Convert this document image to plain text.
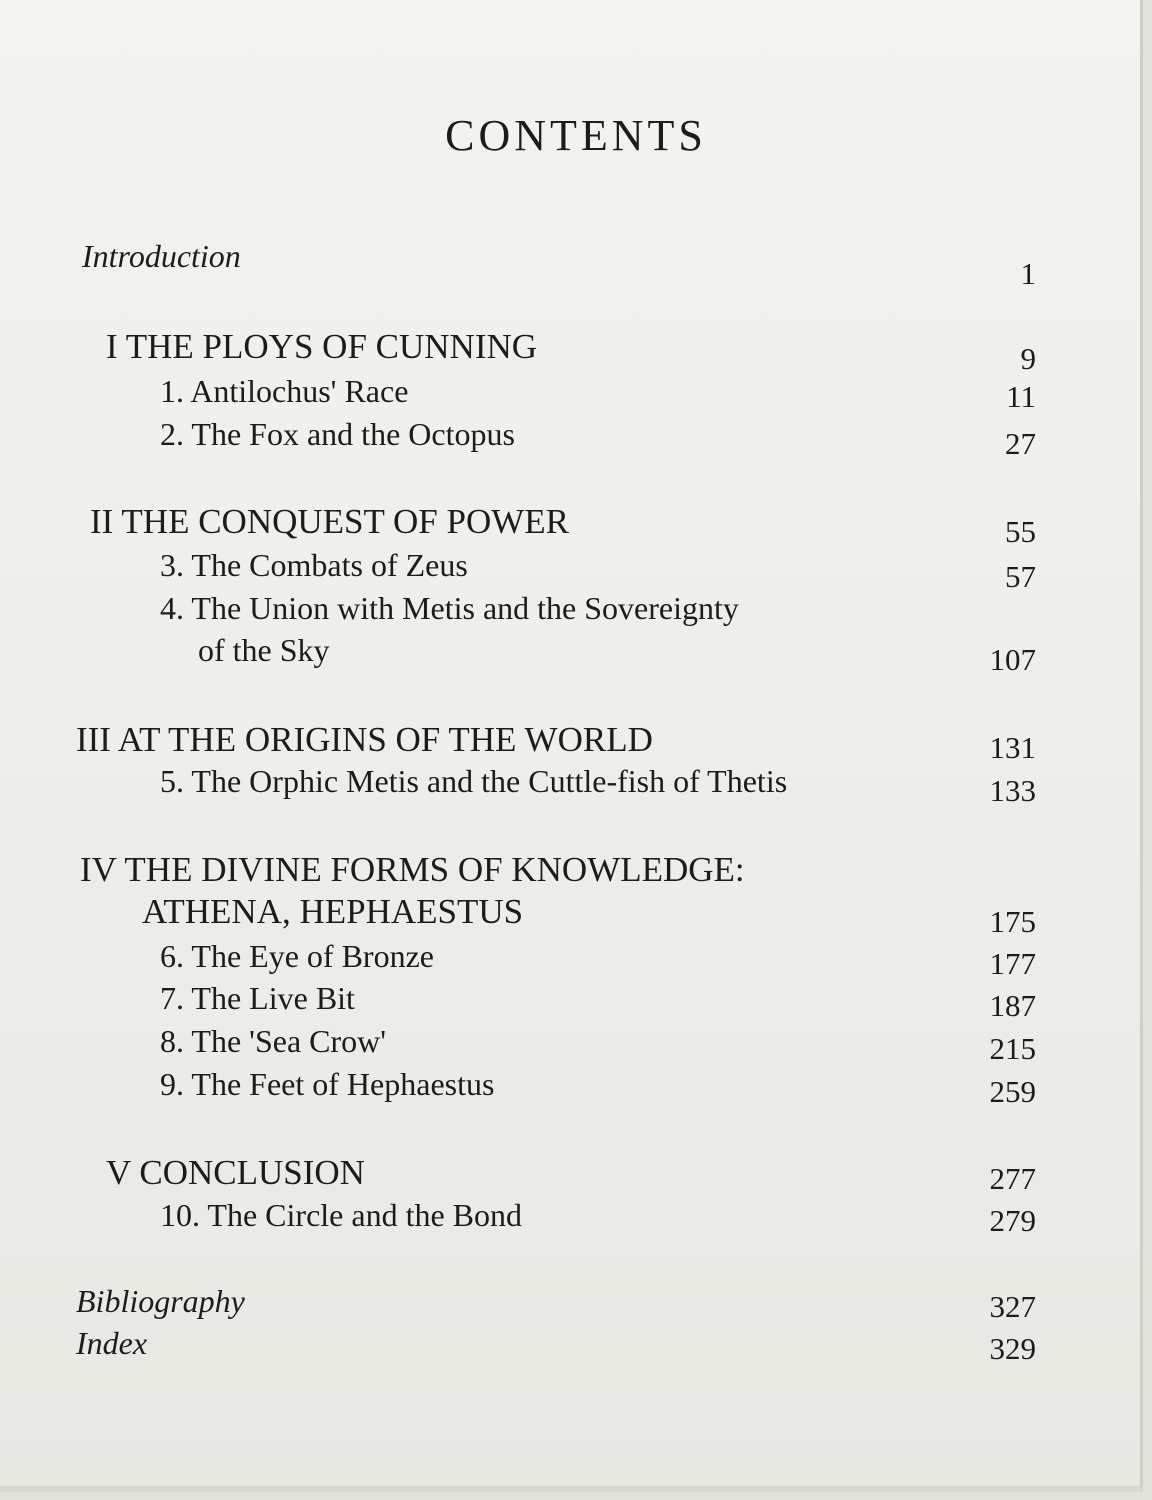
CONTENTS
Introduction	1
I THE PLOYS OF CUNNING	9
1. Antilochus' Race	11
2. The Fox and the Octopus	27
II THE CONQUEST OF POWER	55
3. The Combats of Zeus	57
4. The Union with Metis and the Sovereignty
of the Sky	107
III AT THE ORIGINS OF THE WORLD	131
5. The Orphic Metis and the Cuttle-fish of Thetis	133
IV THE DIVINE FORMS OF KNOWLEDGE:
ATHENA, HEPHAESTUS	175
6. The Eye of Bronze	177
7. The Live Bit	187
8. The 'Sea Crow'	215
9. The Feet of Hephaestus	259
V CONCLUSION	277
10. The Circle and the Bond	279
Bibliography	327
Index	329
